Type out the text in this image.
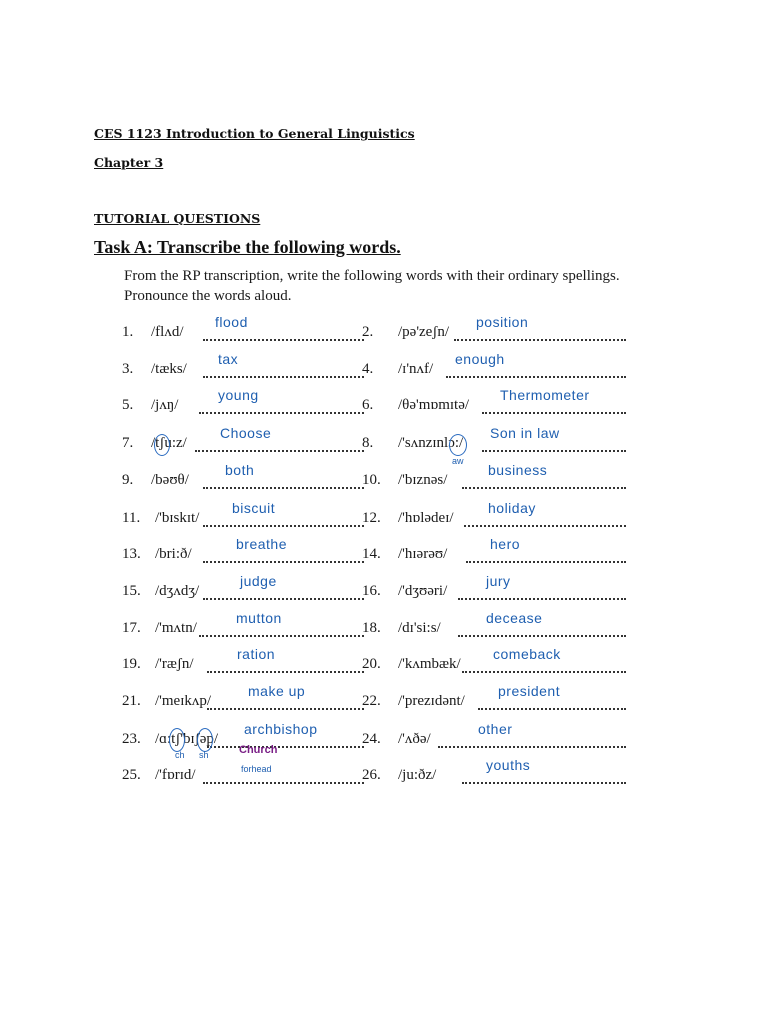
CES 1123 Introduction to General Linguistics
Chapter 3
TUTORIAL QUESTIONS
Task A: Transcribe the following words.
From the RP transcription, write the following words with their ordinary spellings. Pronounce the words aloud.
1. /flʌd/
flood
2. /pə'zeʃn/
position
3. /tæks/
tax
4. /ɪ'nʌf/
enough
5. /jʌŋ/
young
6. /θə'mɒmɪtə/
Thermometer
7. /tʃu:z/
Choose
8. /'sʌnzɪnlɔ:/
Son in law
9. /bəʊθ/
both
10. /'bɪznəs/
business
11. /'bɪskɪt/
biscuit
12. /'hɒlədeɪ/
holiday
13. /bri:ð/
breathe
14. /'hɪərəʊ/
hero
15. /dʒʌdʒ/
judge
16. /'dʒʊəri/
jury
17. /'mʌtn/
mutton
18. /dɪ'si:s/
decease
19. /'ræʃn/
ration
20. /'kʌmbæk/
comeback
21. /'meɪkʌp/
make up
22. /'prezɪdənt/
president
23. /ɑ:tʃ'bɪʃəp/
archbishop
24. /'ʌðə/
other
25. /'fɒrɪd/	26. /ju:ðz/
youths
aw
ch sh	Church
forhead
